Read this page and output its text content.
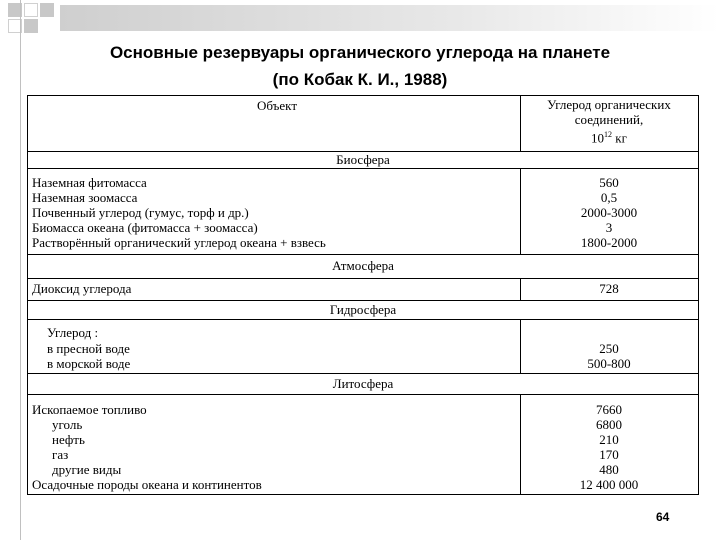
Основные резервуары органического углерода на планете
(по Кобак К. И., 1988)
Объект	Углерод органических
соединений,
$10^{12}$ кг
Биосфера
Наземная фитомасса
Наземная зоомасса
Почвенный углерод (гумус, торф и др.)
Биомасса океана (фитомасса + зоомасса)
Растворённый органический углерод океана + взвесь
560
0,5
2000-3000
3
1800-2000
Атмосфера
Диоксид углерода	728
Гидросфера
Углерод :
в пресной воде
в морской воде
250
500-800
Литосфера
Ископаемое топливо
уголь
нефть
газ
другие виды
Осадочные породы океана и континентов
7660
6800
210
170
480
12 400 000
64
